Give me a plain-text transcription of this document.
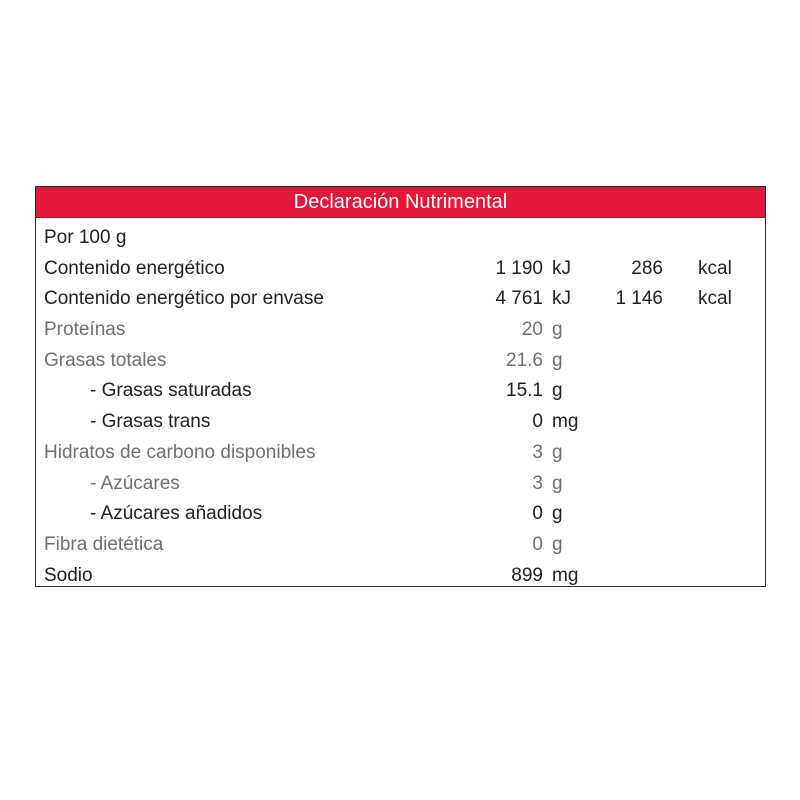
Declaración Nutrimental
Por 100 g
Contenido energético	1 190 kJ	286 kcal
Contenido energético por envase	4 761 kJ 1 146 kcal
Proteínas	20 g
Grasas totales	21.6 g
- Grasas saturadas	15.1 g
- Grasas trans	0 mg
Hidratos de carbono disponibles	3 g
- Azúcares	3 g
- Azúcares añadidos	0 g
Fibra dietética	0 g
Sodio	899 mg
